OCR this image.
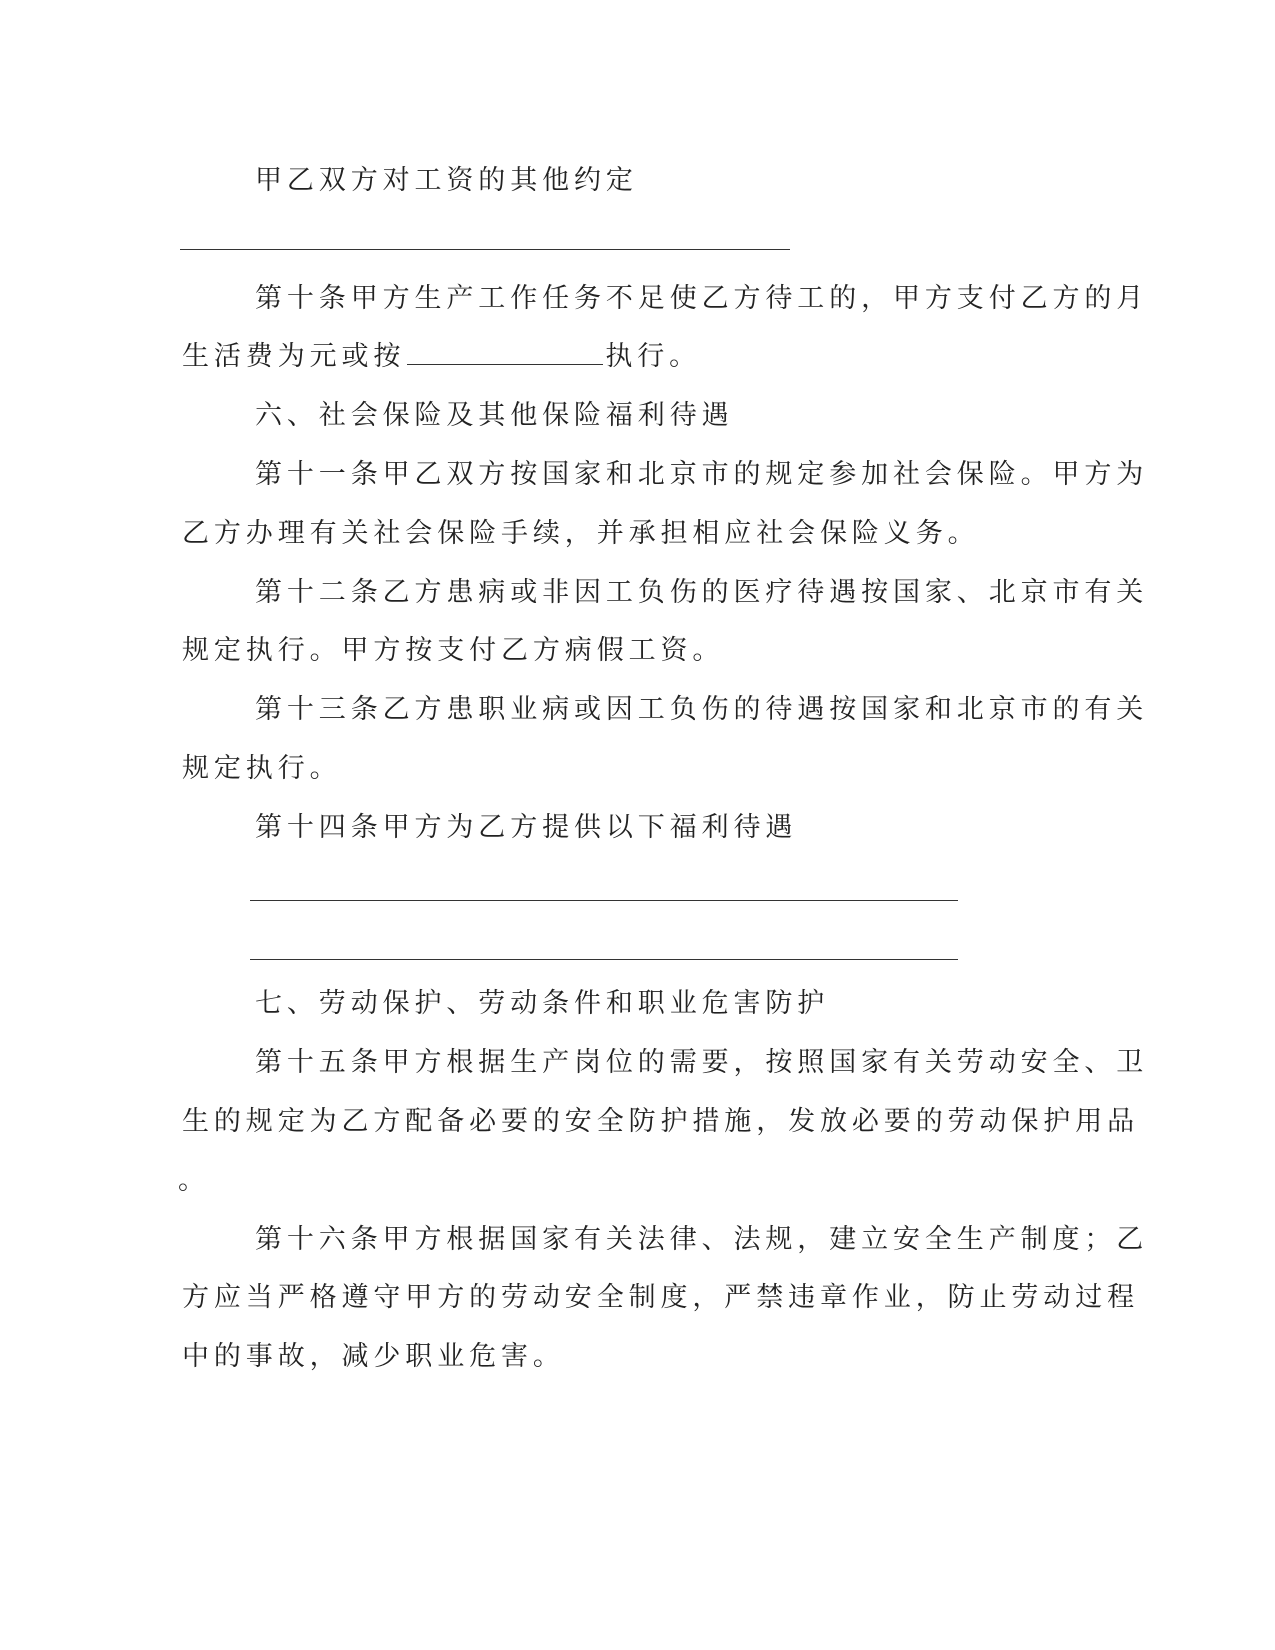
甲乙双方对工资的其他约定

第十条甲方生产工作任务不足使乙方待工的，甲方支付乙方的月

生活费为元或按	执行。

六、社会保险及其他保险福利待遇

第十一条甲乙双方按国家和北京市的规定参加社会保险。甲方为

乙方办理有关社会保险手续，并承担相应社会保险义务。

第十二条乙方患病或非因工负伤的医疗待遇按国家、北京市有关

规定执行。甲方按支付乙方病假工资。

第十三条乙方患职业病或因工负伤的待遇按国家和北京市的有关

规定执行。

第十四条甲方为乙方提供以下福利待遇

七、劳动保护、劳动条件和职业危害防护

第十五条甲方根据生产岗位的需要，按照国家有关劳动安全、卫

生的规定为乙方配备必要的安全防护措施，发放必要的劳动保护用品

。

第十六条甲方根据国家有关法律、法规，建立安全生产制度；乙

方应当严格遵守甲方的劳动安全制度，严禁违章作业，防止劳动过程

中的事故，减少职业危害。
